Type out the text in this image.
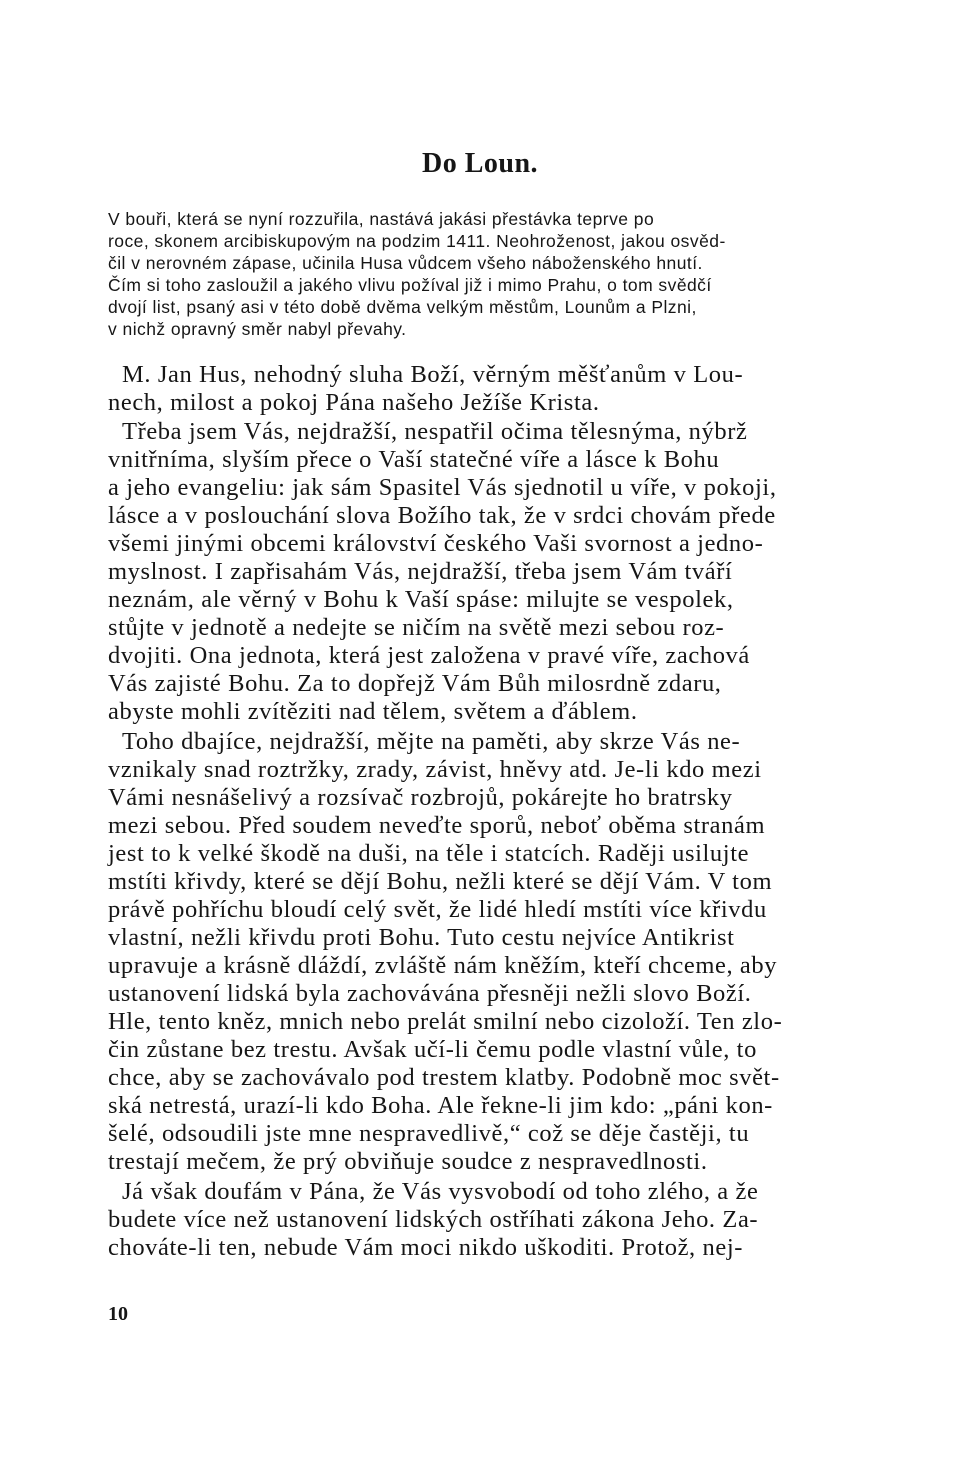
Do Loun.
V bouři, která se nyní rozzuřila, nastává jakási přestávka teprve po
roce, skonem arcibiskupovým na podzim 1411. Neohroženost, jakou osvěd-
čil v nerovném zápase, učinila Husa vůdcem všeho náboženského hnutí.
Čím si toho zasloužil a jakého vlivu požíval již i mimo Prahu, o tom svědčí
dvojí list, psaný asi v této době dvěma velkým městům, Lounům a Plzni,
v nichž opravný směr nabyl převahy.
M. Jan Hus, nehodný sluha Boží, věrným měšťanům v Lou-
nech, milost a pokoj Pána našeho Ježíše Krista.
Třeba jsem Vás, nejdražší, nespatřil očima tělesnýma, nýbrž
vnitřníma, slyším přece o Vaší statečné víře a lásce k Bohu
a jeho evangeliu: jak sám Spasitel Vás sjednotil u víře, v pokoji,
lásce a v poslouchání slova Božího tak, že v srdci chovám přede
všemi jinými obcemi království českého Vaši svornost a jedno-
myslnost. I zapřisahám Vás, nejdražší, třeba jsem Vám tváří
neznám, ale věrný v Bohu k Vaší spáse: milujte se vespolek,
stůjte v jednotě a nedejte se ničím na světě mezi sebou roz-
dvojiti. Ona jednota, která jest založena v pravé víře, zachová
Vás zajisté Bohu. Za to dopřejž Vám Bůh milosrdně zdaru,
abyste mohli zvítěziti nad tělem, světem a ďáblem.
Toho dbajíce, nejdražší, mějte na paměti, aby skrze Vás ne-
vznikaly snad roztržky, zrady, závist, hněvy atd. Je-li kdo mezi
Vámi nesnášelivý a rozsívač rozbrojů, pokárejte ho bratrsky
mezi sebou. Před soudem neveďte sporů, neboť oběma stranám
jest to k velké škodě na duši, na těle i statcích. Raději usilujte
mstíti křivdy, které se dějí Bohu, nežli které se dějí Vám. V tom
právě pohříchu bloudí celý svět, že lidé hledí mstíti více křivdu
vlastní, nežli křivdu proti Bohu. Tuto cestu nejvíce Antikrist
upravuje a krásně dláždí, zvláště nám kněžím, kteří chceme, aby
ustanovení lidská byla zachovávána přesněji nežli slovo Boží.
Hle, tento kněz, mnich nebo prelát smilní nebo cizoloží. Ten zlo-
čin zůstane bez trestu. Avšak učí-li čemu podle vlastní vůle, to
chce, aby se zachovávalo pod trestem klatby. Podobně moc svět-
ská netrestá, urazí-li kdo Boha. Ale řekne-li jim kdo: „páni kon-
šelé, odsoudili jste mne nespravedlivě,“ což se děje častěji, tu
trestají mečem, že prý obviňuje soudce z nespravedlnosti.
Já však doufám v Pána, že Vás vysvobodí od toho zlého, a že
budete více než ustanovení lidských ostříhati zákona Jeho. Za-
chováte-li ten, nebude Vám moci nikdo uškoditi. Protož, nej-
10
